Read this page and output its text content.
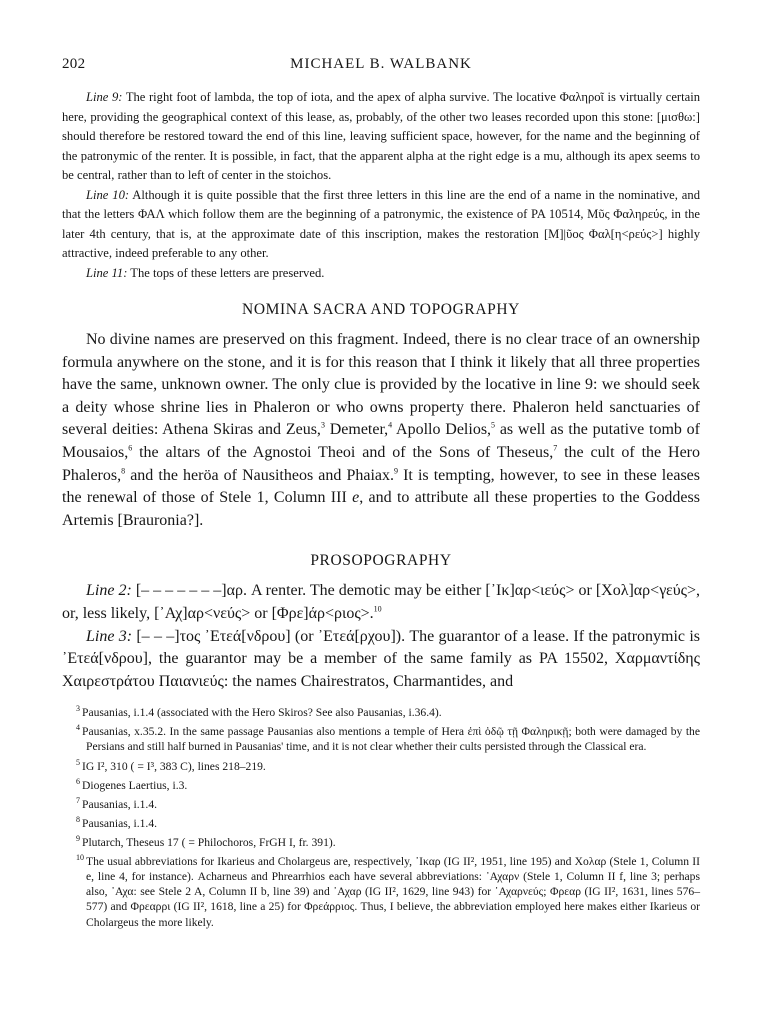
202	MICHAEL B. WALBANK

Line 9: The right foot of lambda, the top of iota, and the apex of alpha survive. The locative Φαληροῖ is virtually certain here, providing the geographical context of this lease, as, probably, of the other two leases recorded upon this stone: [μισθω:] should therefore be restored toward the end of this line, leaving sufficient space, however, for the name and the beginning of the patronymic of the renter. It is possible, in fact, that the apparent alpha at the right edge is a mu, although its apex seems to be central, rather than to left of center in the stoichos.

Line 10: Although it is quite possible that the first three letters in this line are the end of a name in the nominative, and that the letters ΦΑΛ which follow them are the beginning of a patronymic, the existence of PA 10514, Μῦς Φαληρεύς, in the later 4th century, that is, at the approximate date of this inscription, makes the restoration [Μ]|ῦος Φαλ[η<ρεύς>] highly attractive, indeed preferable to any other.

Line 11: The tops of these letters are preserved.

NOMINA SACRA AND TOPOGRAPHY

No divine names are preserved on this fragment. Indeed, there is no clear trace of an ownership formula anywhere on the stone, and it is for this reason that I think it likely that all three properties have the same, unknown owner. The only clue is provided by the locative in line 9: we should seek a deity whose shrine lies in Phaleron or who owns property there. Phaleron held sanctuaries of several deities: Athena Skiras and Zeus,$^3$ Demeter,$^4$ Apollo Delios,$^5$ as well as the putative tomb of Mousaios,$^6$ the altars of the Agnostoi Theoi and of the Sons of Theseus,$^7$ the cult of the Hero Phaleros,$^8$ and the heröa of Nausitheos and Phaiax.$^9$ It is tempting, however, to see in these leases the renewal of those of Stele 1, Column III e, and to attribute all these properties to the Goddess Artemis [Brauronia?].

PROSOPOGRAPHY

Line 2: [– – – – – – –]αρ. A renter. The demotic may be either [᾿Ικ]αρ<ιεύς> or [Χολ]αρ<γεύς>, or, less likely, [᾿Αχ]αρ<νεύς> or [Φρε]άρ<ριος>.$^{10}$

Line 3: [– – –]τος ᾿Ετεά[νδρου] (or ᾿Ετεά[ρχου]). The guarantor of a lease. If the patronymic is ᾿Ετεά[νδρου], the guarantor may be a member of the same family as PA 15502, Χαρμαντίδης Χαιρεστράτου Παιανιεύς: the names Chairestratos, Charmantides, and

$^3$ Pausanias, i.1.4 (associated with the Hero Skiros? See also Pausanias, i.36.4).

$^4$ Pausanias, x.35.2. In the same passage Pausanias also mentions a temple of Hera ἐπὶ ὁδῷ τῇ Φαληρικῇ; both were damaged by the Persians and still half burned in Pausanias' time, and it is not clear whether their cults persisted through the Classical era.

$^5$ IG I², 310 ( = I³, 383 C), lines 218–219.

$^6$ Diogenes Laertius, i.3.

$^7$ Pausanias, i.1.4.

$^8$ Pausanias, i.1.4.

$^9$ Plutarch, Theseus 17 ( = Philochoros, FrGH I, fr. 391).

$^{10}$ The usual abbreviations for Ikarieus and Cholargeus are, respectively, ᾿Ικαρ (IG II², 1951, line 195) and Χολαρ (Stele 1, Column II e, line 4, for instance). Acharneus and Phrearrhios each have several abbreviations: ᾿Αχαρν (Stele 1, Column II f, line 3; perhaps also, ᾿Αχα: see Stele 2 A, Column II b, line 39) and ᾿Αχαρ (IG II², 1629, line 943) for ᾿Αχαρνεύς; Φρεαρ (IG II², 1631, lines 576–577) and Φρεαρρι (IG II², 1618, line a 25) for Φρεάρριος. Thus, I believe, the abbreviation employed here makes either Ikarieus or Cholargeus the more likely.
